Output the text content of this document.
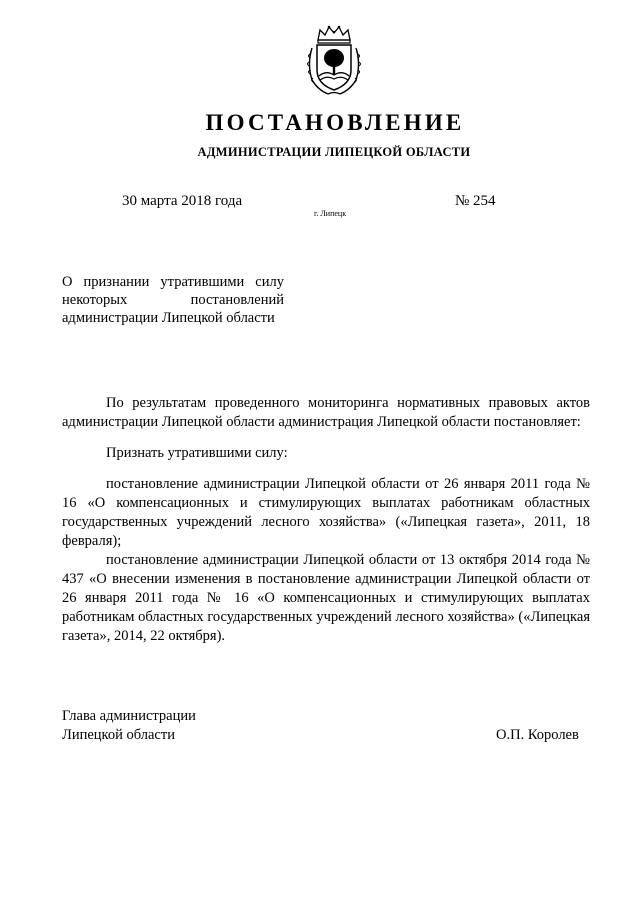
ПОСТАНОВЛЕНИЕ
АДМИНИСТРАЦИИ ЛИПЕЦКОЙ ОБЛАСТИ
30 марта 2018 года
г. Липецк
№ 254
О признании утратившими силу
некоторых постановлений
администрации Липецкой области

По результатам проведенного мониторинга нормативных правовых актов администрации Липецкой области администрация Липецкой области постановляет:

Признать утратившими силу:

постановление администрации Липецкой области от 26 января 2011 года № 16 «О компенсационных и стимулирующих выплатах работникам областных государственных учреждений лесного хозяйства» («Липецкая газета», 2011, 18 февраля);

постановление администрации Липецкой области от 13 октября 2014 года № 437 «О внесении изменения в постановление администрации Липецкой области от 26 января 2011 года № 16 «О компенсационных и стимулирующих выплатах работникам областных государственных учреждений лесного хозяйства» («Липецкая газета», 2014, 22 октября).

Глава администрации
Липецкой области	О.П. Королев
